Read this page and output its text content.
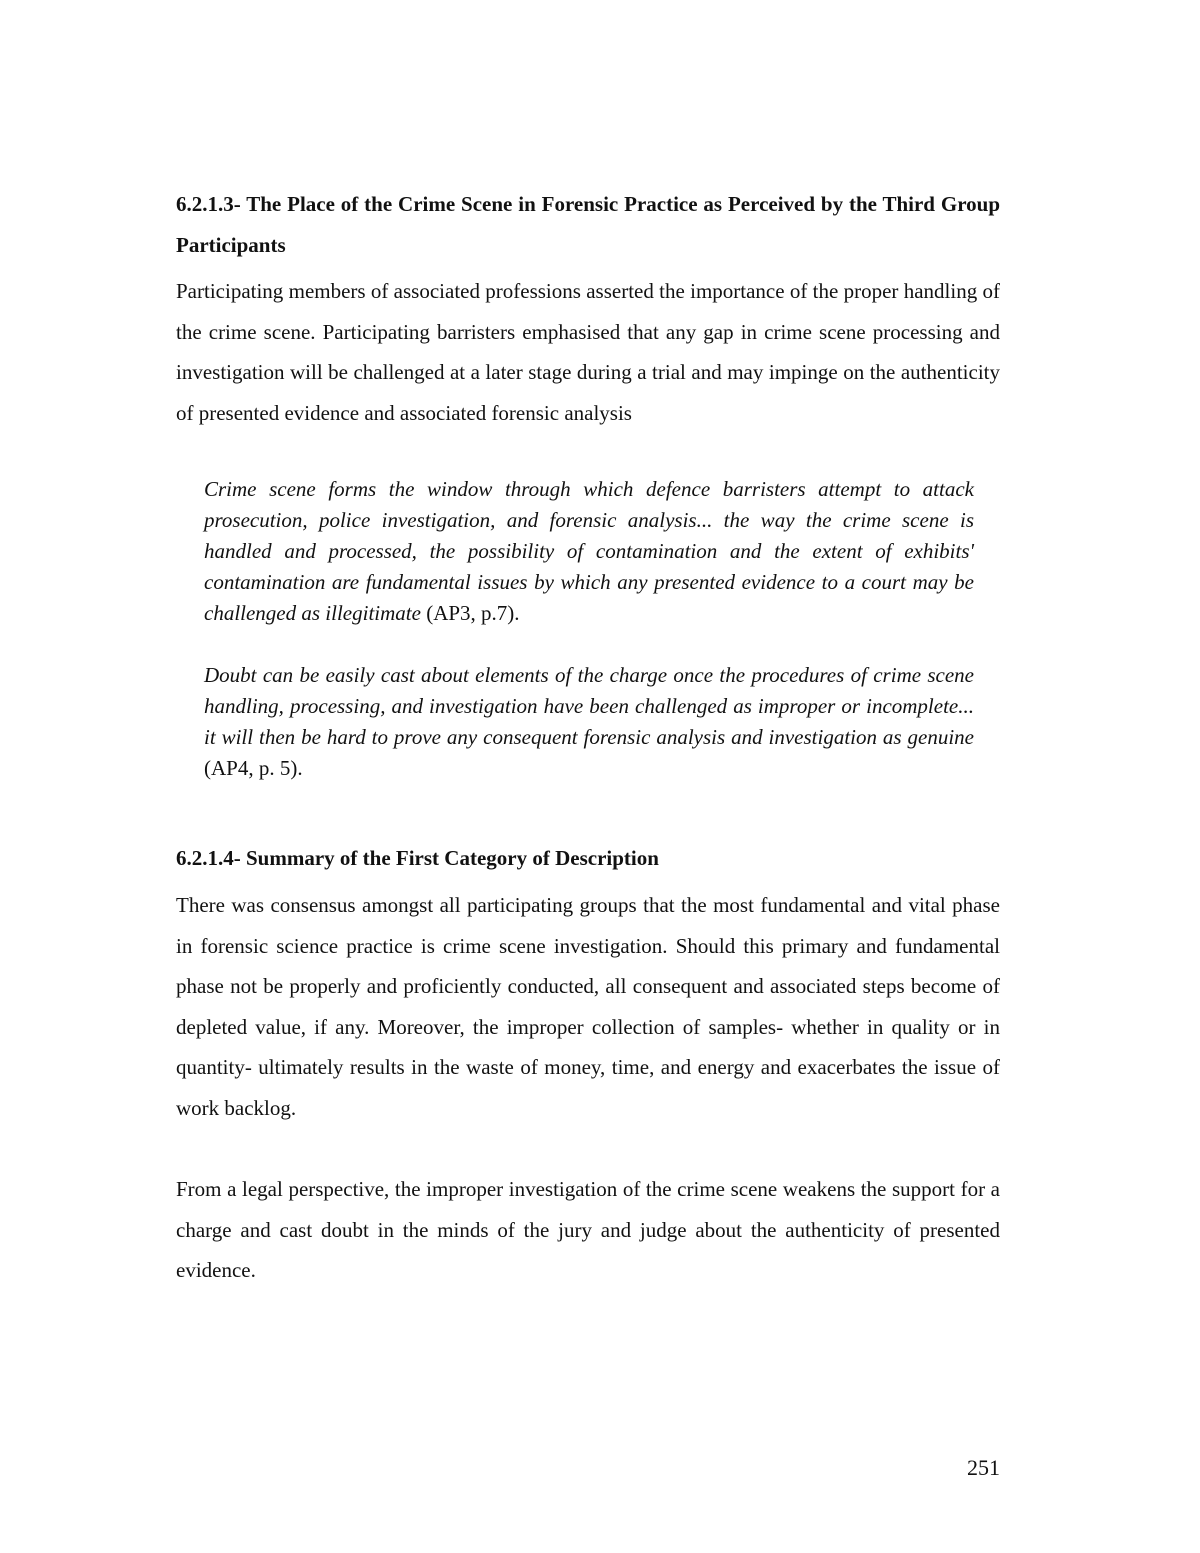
6.2.1.3- The Place of the Crime Scene in Forensic Practice as Perceived by the Third Group Participants
Participating members of associated professions asserted the importance of the proper handling of the crime scene. Participating barristers emphasised that any gap in crime scene processing and investigation will be challenged at a later stage during a trial and may impinge on the authenticity of presented evidence and associated forensic analysis
Crime scene forms the window through which defence barristers attempt to attack prosecution, police investigation, and forensic analysis... the way the crime scene is handled and processed, the possibility of contamination and the extent of exhibits' contamination are fundamental issues by which any presented evidence to a court may be challenged as illegitimate (AP3, p.7).
Doubt can be easily cast about elements of the charge once the procedures of crime scene handling, processing, and investigation have been challenged as improper or incomplete... it will then be hard to prove any consequent forensic analysis and investigation as genuine (AP4, p. 5).
6.2.1.4- Summary of the First Category of Description
There was consensus amongst all participating groups that the most fundamental and vital phase in forensic science practice is crime scene investigation. Should this primary and fundamental phase not be properly and proficiently conducted, all consequent and associated steps become of depleted value, if any. Moreover, the improper collection of samples- whether in quality or in quantity- ultimately results in the waste of money, time, and energy and exacerbates the issue of work backlog.
From a legal perspective, the improper investigation of the crime scene weakens the support for a charge and cast doubt in the minds of the jury and judge about the authenticity of presented evidence.
251
